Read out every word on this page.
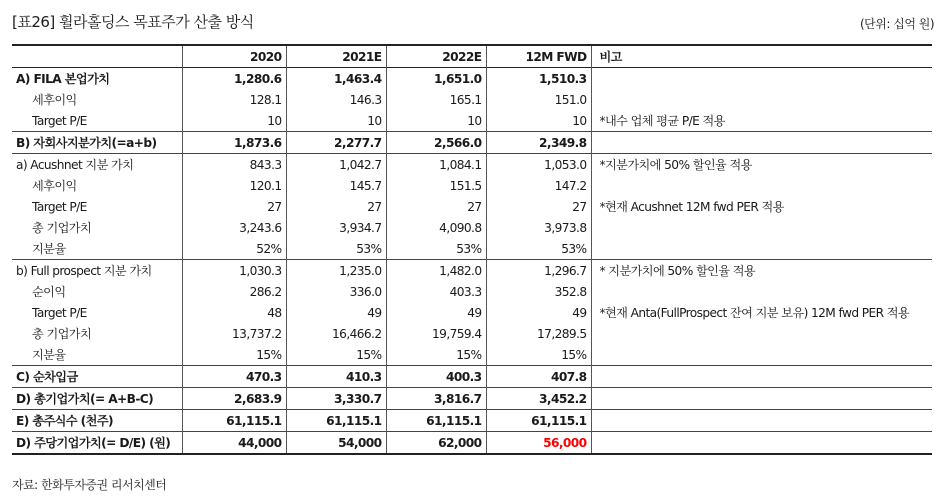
[표26] 휠라홀딩스 목표주가 산출 방식	(단위: 십억 원)
	2020	2021E	2022E	12M FWD	비고
A) FILA 본업가치	1,280.6	1,463.4	1,651.0	1,510.3	
세후이익	128.1	146.3	165.1	151.0	
Target P/E	10	10	10	10	*내수 업체 평균 P/E 적용
B) 자회사지분가치(=a+b)	1,873.6	2,277.7	2,566.0	2,349.8	
a) Acushnet 지분 가치	843.3	1,042.7	1,084.1	1,053.0	*지분가치에 50% 할인율 적용
세후이익	120.1	145.7	151.5	147.2	
Target P/E	27	27	27	27	*현재 Acushnet 12M fwd PER 적용
총 기업가치	3,243.6	3,934.7	4,090.8	3,973.8	
지분율	52%	53%	53%	53%	
b) Full prospect 지분 가치	1,030.3	1,235.0	1,482.0	1,296.7	* 지분가치에 50% 할인율 적용
순이익	286.2	336.0	403.3	352.8	
Target P/E	48	49	49	49	*현재 Anta(FullProspect 잔여 지분 보유) 12M fwd PER 적용
총 기업가치	13,737.2	16,466.2	19,759.4	17,289.5	
지분율	15%	15%	15%	15%	
C) 순차입금	470.3	410.3	400.3	407.8	
D) 총기업가치(= A+B-C)	2,683.9	3,330.7	3,816.7	3,452.2	
E) 총주식수 (천주)	61,115.1	61,115.1	61,115.1	61,115.1	
D) 주당기업가치(= D/E) (원)	44,000	54,000	62,000	56,000	
자료: 한화투자증권 리서치센터
